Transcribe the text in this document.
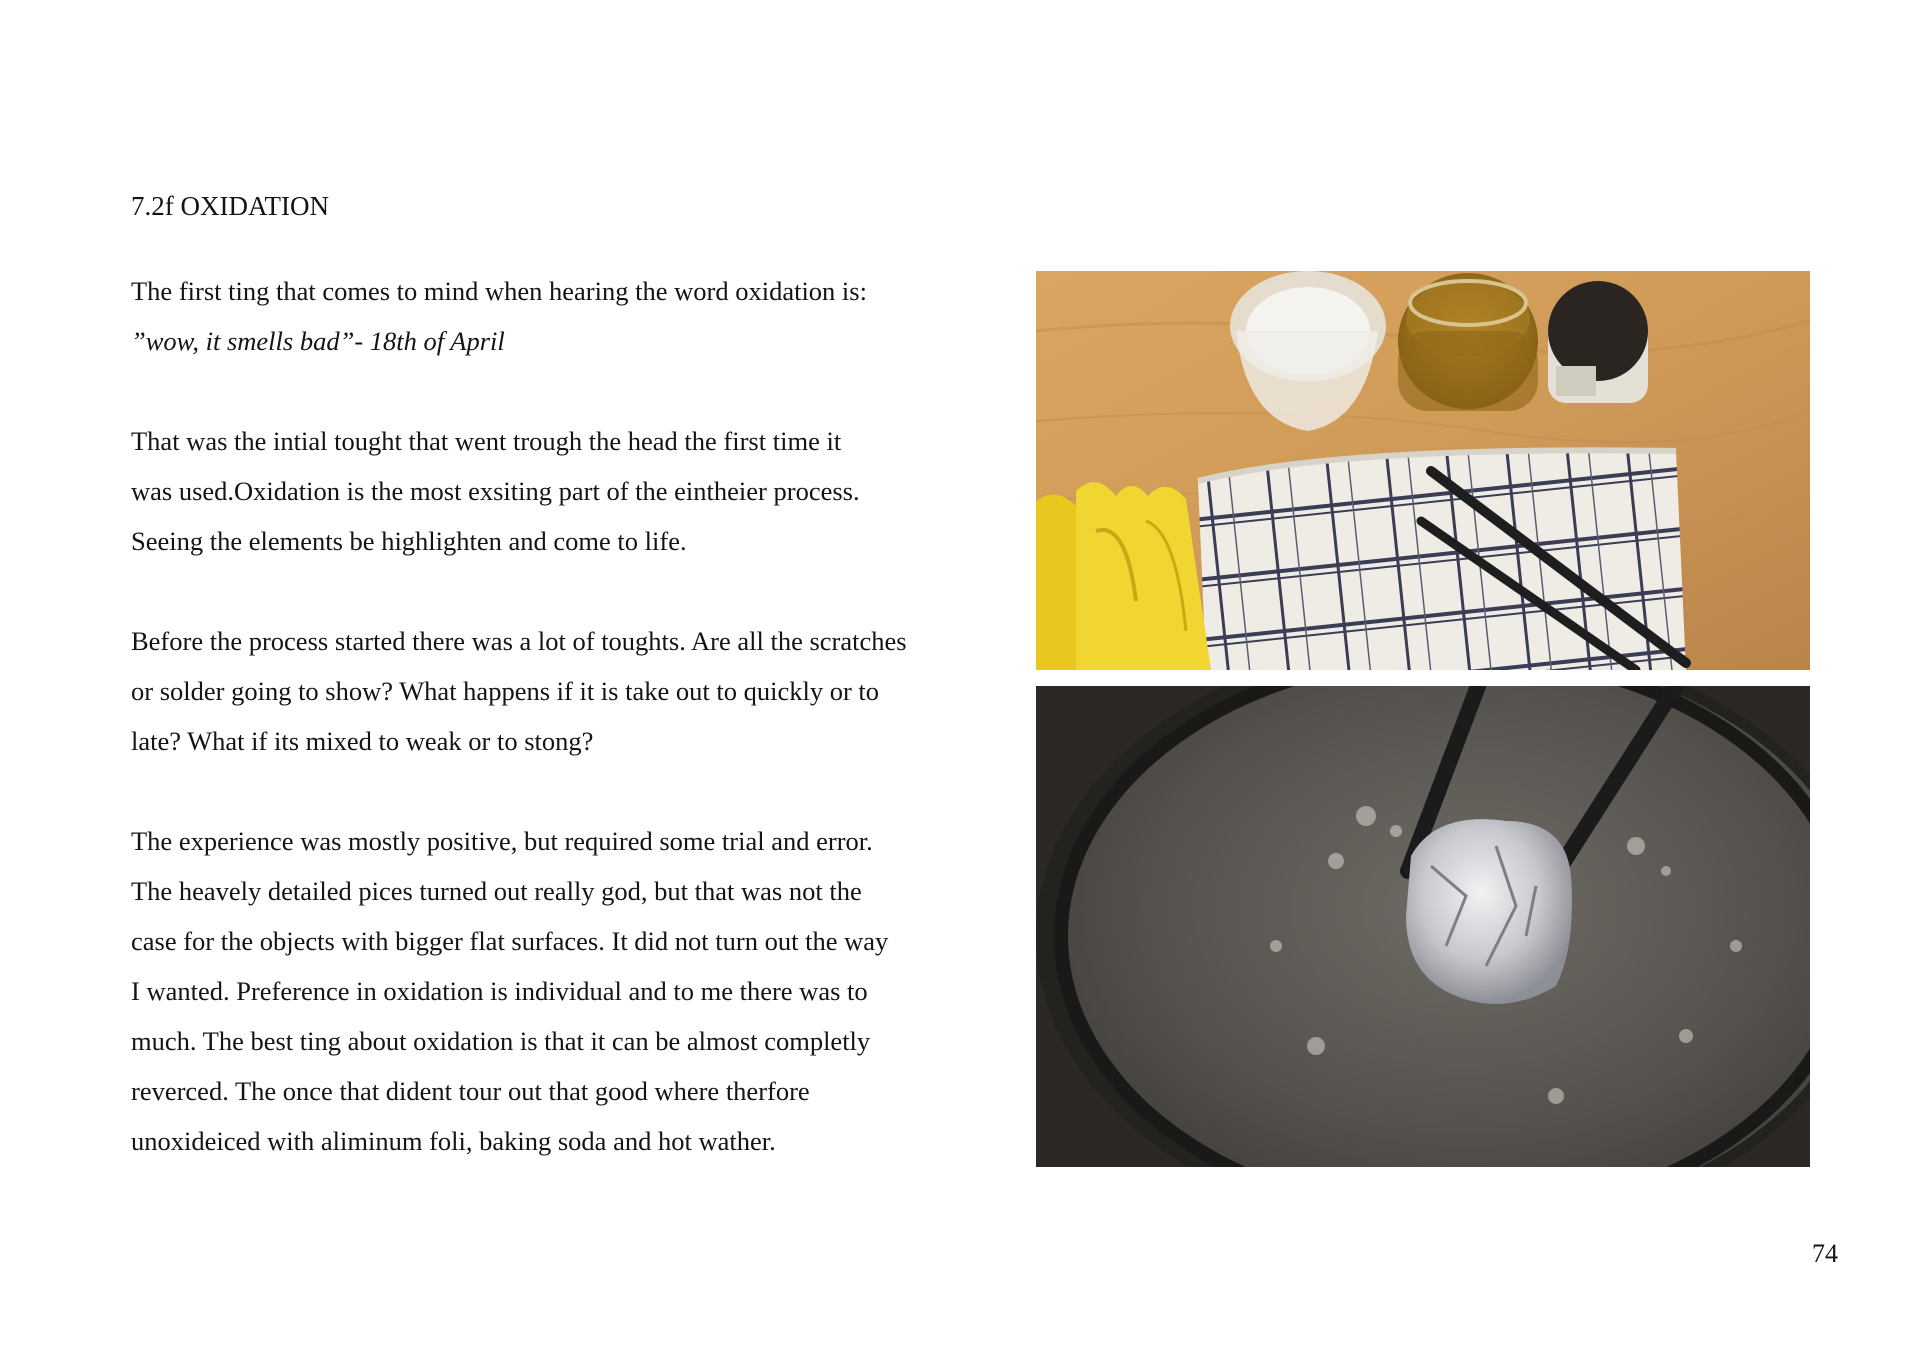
7.2f OXIDATION

The first ting that comes to mind when hearing the word oxidation is:
”wow, it smells bad”- 18th of April

That was the intial tought that went trough the head the first time it
was used.Oxidation is the most exsiting part of the eintheier process.
Seeing the elements be highlighten and come to life.

Before the process started there was a lot of toughts. Are all the scratches
or solder going to show? What happens if it is take out to quickly or to
late? What if its mixed to weak or to stong?

The experience was mostly positive, but required some trial and error.
The heavely detailed pices turned out really god, but that was not the
case for the objects with bigger flat surfaces. It did not turn out the way
I wanted. Preference in oxidation is individual and to me there was to
much. The best ting about oxidation is that it can be almost completly
reverced. The once that dident tour out that good where therfore
unoxideiced with aliminum foli, baking soda and hot wather.

74
